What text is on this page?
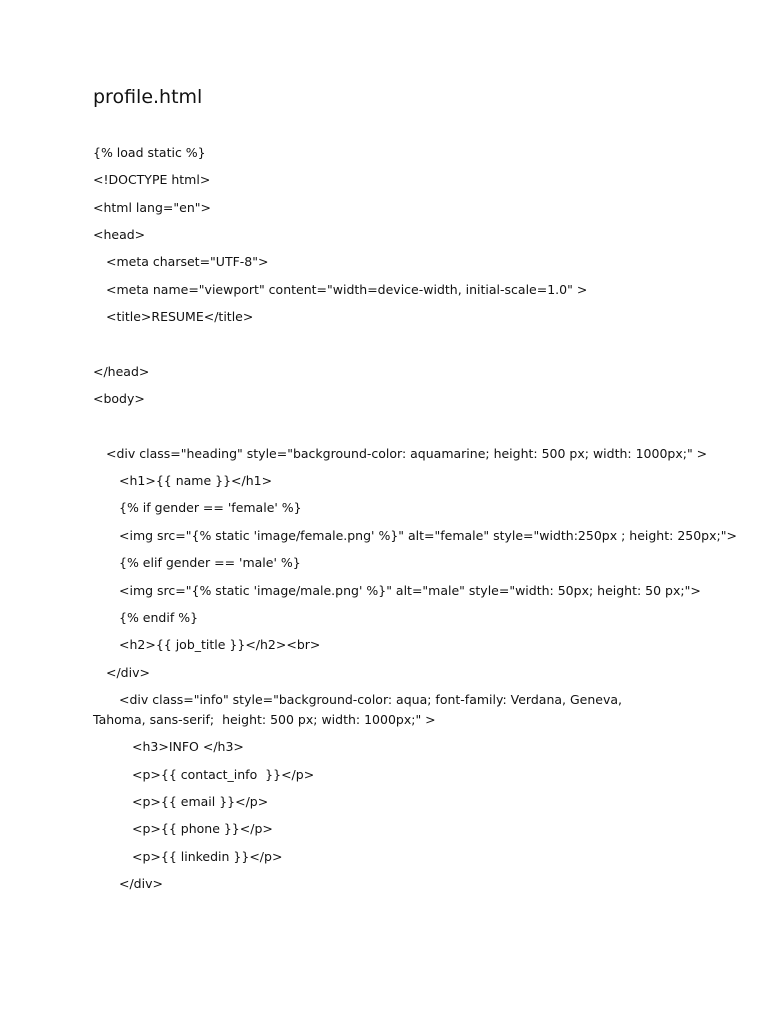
profile.html

{% load static %}

<!DOCTYPE html>

<html lang="en">

<head>

<meta charset="UTF-8">

<meta name="viewport" content="width=device-width, initial-scale=1.0" >

<title>RESUME</title>

</head>

<body>

<div class="heading" style="background-color: aquamarine; height: 500 px; width: 1000px;" >

<h1>{{ name }}</h1>

{% if gender == 'female' %}

<img src="{% static 'image/female.png' %}" alt="female" style="width:250px ; height: 250px;">

{% elif gender == 'male' %}

<img src="{% static 'image/male.png' %}" alt="male" style="width: 50px; height: 50 px;">

{% endif %}

<h2>{{ job_title }}</h2><br>

</div>

<div class="info" style="background-color: aqua; font-family: Verdana, Geneva, Tahoma, sans-serif;  height: 500 px; width: 1000px;" >

<h3>INFO </h3>

<p>{{ contact_info  }}</p>

<p>{{ email }}</p>

<p>{{ phone }}</p>

<p>{{ linkedin }}</p>

</div>
